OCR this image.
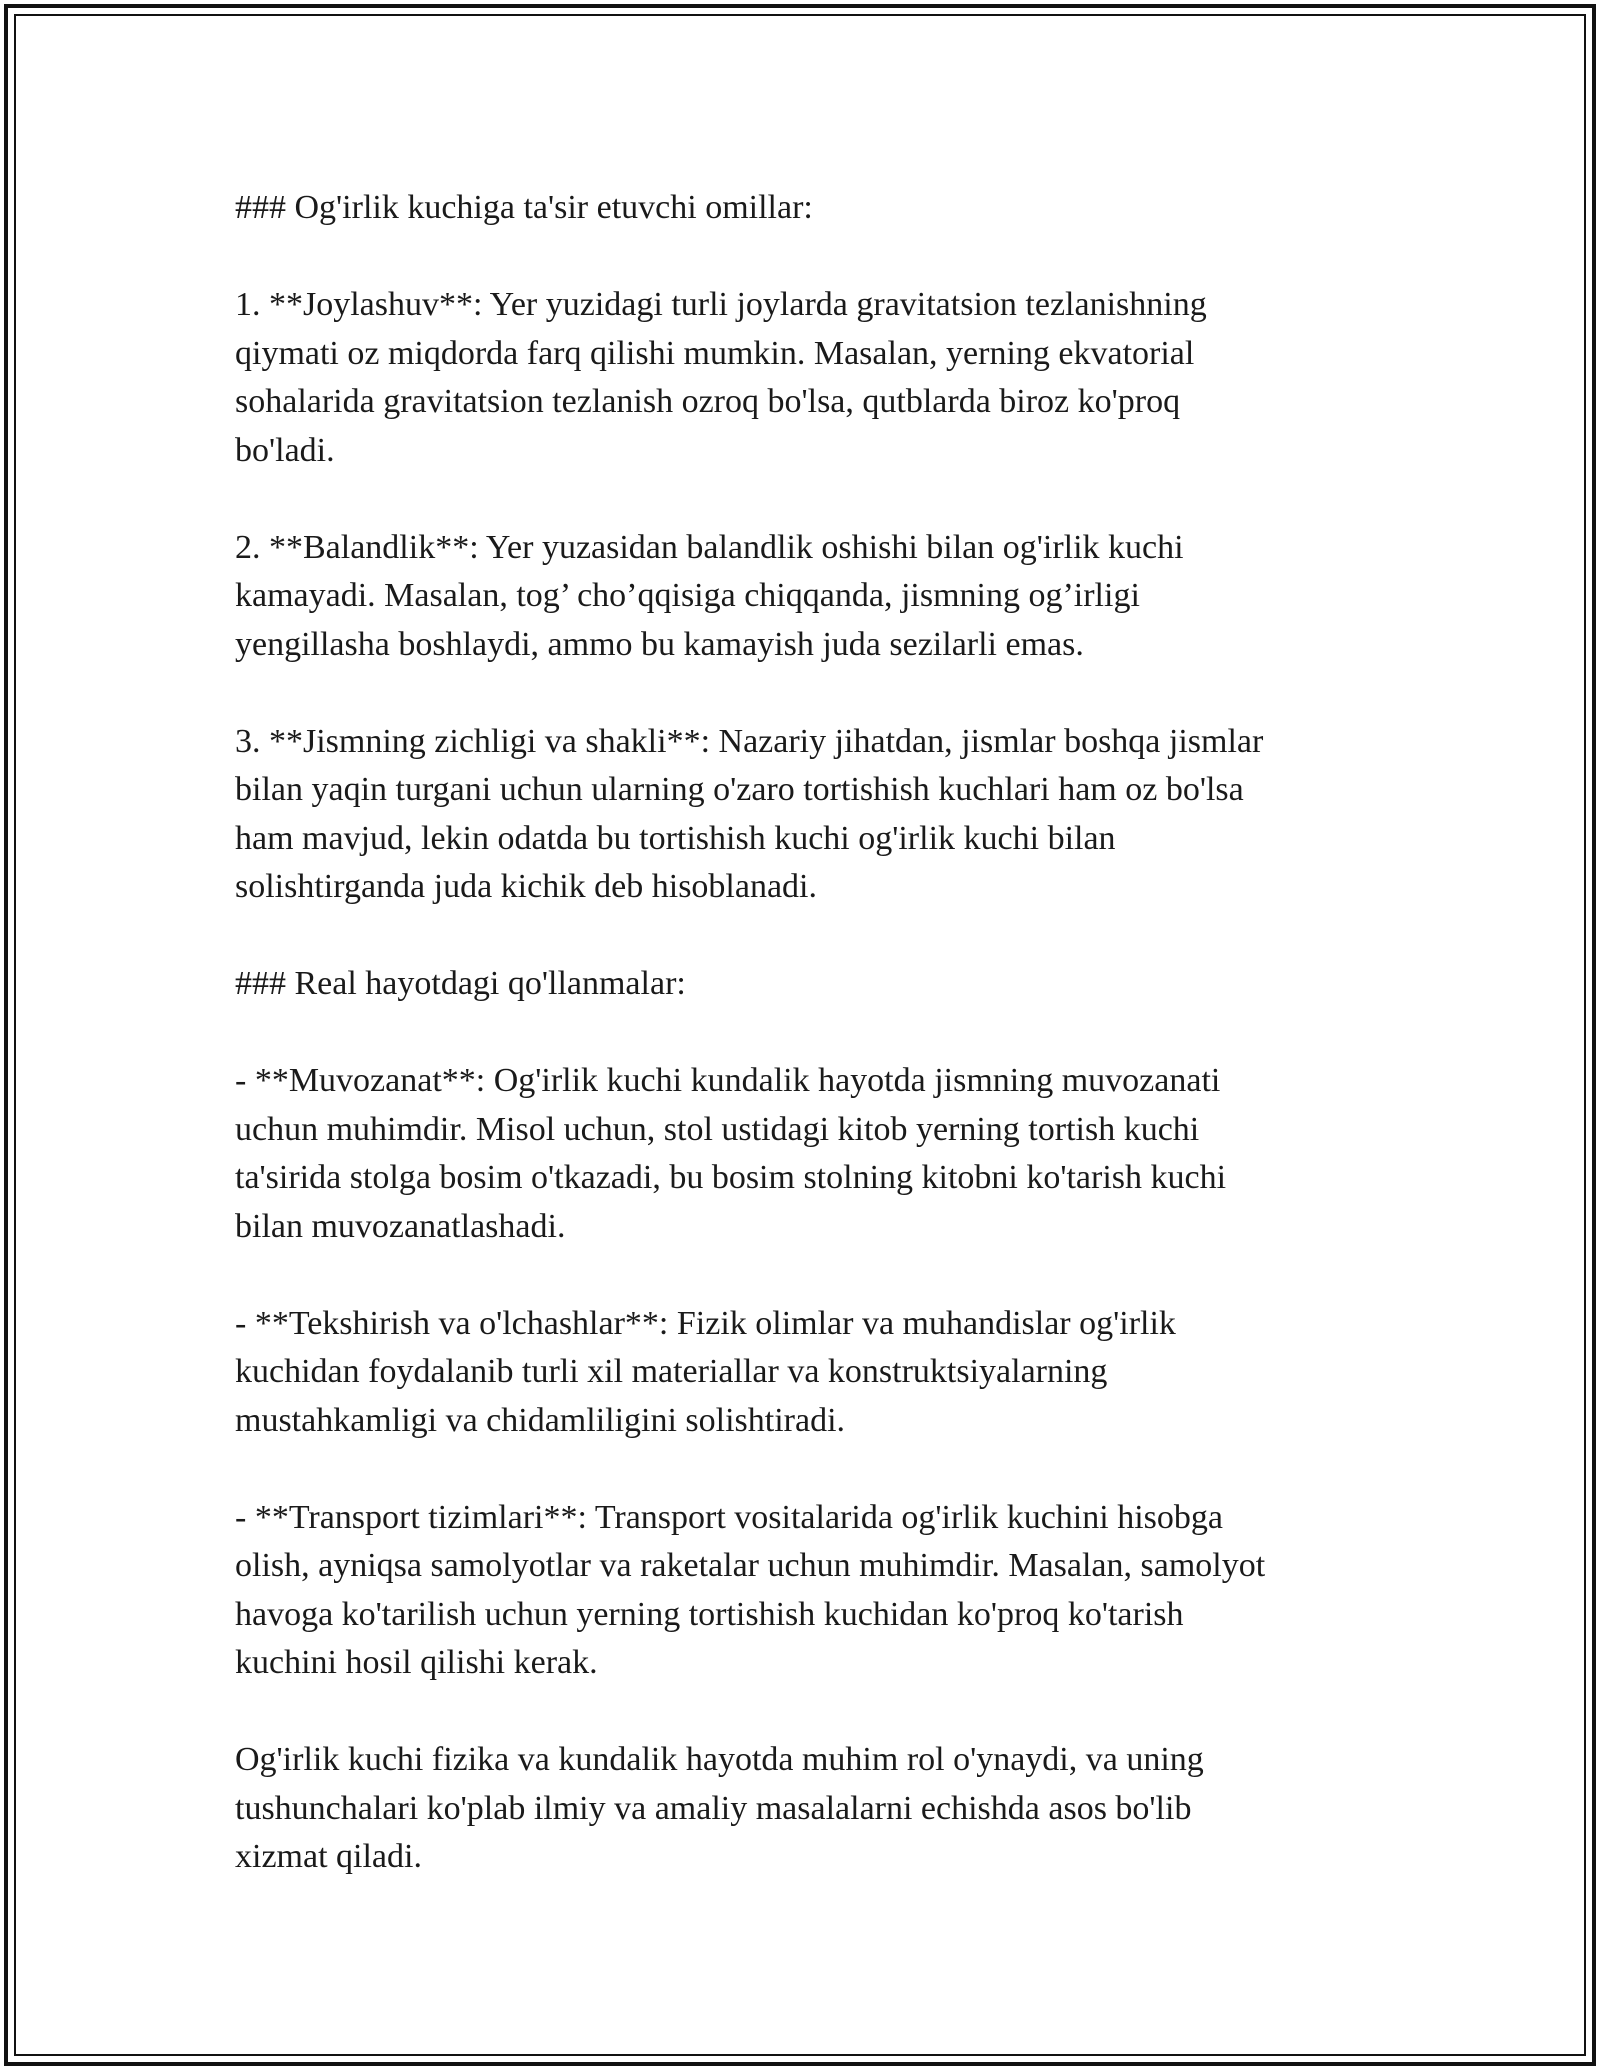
### Og'irlik kuchiga ta'sir etuvchi omillar:

1. **Joylashuv**: Yer yuzidagi turli joylarda gravitatsion tezlanishning
qiymati oz miqdorda farq qilishi mumkin. Masalan, yerning ekvatorial
sohalarida gravitatsion tezlanish ozroq bo'lsa, qutblarda biroz ko'proq
bo'ladi.

2. **Balandlik**: Yer yuzasidan balandlik oshishi bilan og'irlik kuchi
kamayadi. Masalan, tog’ cho’qqisiga chiqqanda, jismning og’irligi
yengillasha boshlaydi, ammo bu kamayish juda sezilarli emas.

3. **Jismning zichligi va shakli**: Nazariy jihatdan, jismlar boshqa jismlar
bilan yaqin turgani uchun ularning o'zaro tortishish kuchlari ham oz bo'lsa
ham mavjud, lekin odatda bu tortishish kuchi og'irlik kuchi bilan
solishtirganda juda kichik deb hisoblanadi.

### Real hayotdagi qo'llanmalar:

- **Muvozanat**: Og'irlik kuchi kundalik hayotda jismning muvozanati
uchun muhimdir. Misol uchun, stol ustidagi kitob yerning tortish kuchi
ta'sirida stolga bosim o'tkazadi, bu bosim stolning kitobni ko'tarish kuchi
bilan muvozanatlashadi.

- **Tekshirish va o'lchashlar**: Fizik olimlar va muhandislar og'irlik
kuchidan foydalanib turli xil materiallar va konstruktsiyalarning
mustahkamligi va chidamliligini solishtiradi.

- **Transport tizimlari**: Transport vositalarida og'irlik kuchini hisobga
olish, ayniqsa samolyotlar va raketalar uchun muhimdir. Masalan, samolyot
havoga ko'tarilish uchun yerning tortishish kuchidan ko'proq ko'tarish
kuchini hosil qilishi kerak.

Og'irlik kuchi fizika va kundalik hayotda muhim rol o'ynaydi, va uning
tushunchalari ko'plab ilmiy va amaliy masalalarni echishda asos bo'lib
xizmat qiladi.
